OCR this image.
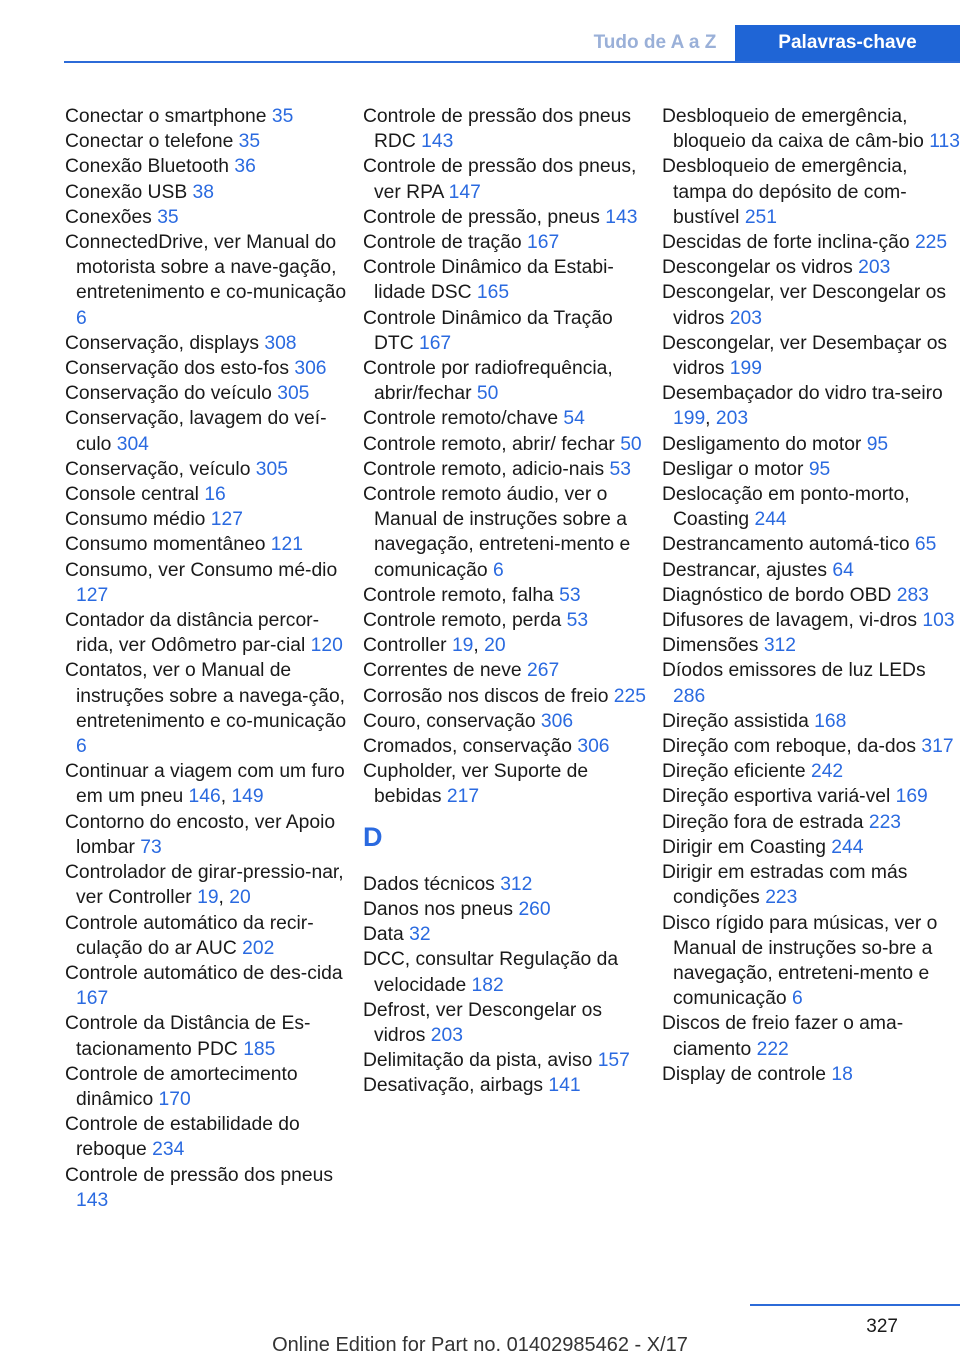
Tudo de A a Z	Palavras-chave
Conectar o smartphone 35
Conectar o telefone 35
Conexão Bluetooth 36
Conexão USB 38
Conexões 35
ConnectedDrive, ver Manual do motorista sobre a nave‐gação, entretenimento e co‐municação 6
Conservação, displays 308
Conservação dos esto‐fos 306
Conservação do veículo 305
Conservação, lavagem do veí‐culo 304
Conservação, veículo 305
Console central 16
Consumo médio 127
Consumo momentâneo 121
Consumo, ver Consumo mé‐dio 127
Contador da distância percor‐rida, ver Odômetro par‐cial 120
Contatos, ver o Manual de instruções sobre a navega‐ção, entretenimento e co‐municação 6
Continuar a viagem com um furo em um pneu 146, 149
Contorno do encosto, ver Apoio lombar 73
Controlador de girar-pressio‐nar, ver Controller 19, 20
Controle automático da recir‐culação do ar AUC 202
Controle automático de des‐cida 167
Controle da Distância de Es‐tacionamento PDC 185
Controle de amortecimento dinâmico 170
Controle de estabilidade do reboque 234
Controle de pressão dos pneus 143
Controle de pressão dos pneus RDC 143
Controle de pressão dos pneus, ver RPA 147
Controle de pressão, pneus 143
Controle de tração 167
Controle Dinâmico da Estabi‐lidade DSC 165
Controle Dinâmico da Tração DTC 167
Controle por radiofrequência, abrir/fechar 50
Controle remoto/chave 54
Controle remoto, abrir/ fechar 50
Controle remoto, adicio‐nais 53
Controle remoto áudio, ver o Manual de instruções sobre a navegação, entreteni‐mento e comunicação 6
Controle remoto, falha 53
Controle remoto, perda 53
Controller 19, 20
Correntes de neve 267
Corrosão nos discos de freio 225
Couro, conservação 306
Cromados, conservação 306
Cupholder, ver Suporte de bebidas 217
D
Dados técnicos 312
Danos nos pneus 260
Data 32
DCC, consultar Regulação da velocidade 182
Defrost, ver Descongelar os vidros 203
Delimitação da pista, aviso 157
Desativação, airbags 141
Desbloqueio de emergência, bloqueio da caixa de câm‐bio 113
Desbloqueio de emergência, tampa do depósito de com‐bustível 251
Descidas de forte inclina‐ção 225
Descongelar os vidros 203
Descongelar, ver Descongelar os vidros 203
Descongelar, ver Desembaçar os vidros 199
Desembaçador do vidro tra‐seiro 199, 203
Desligamento do motor 95
Desligar o motor 95
Deslocação em ponto-morto, Coasting 244
Destrancamento automá‐tico 65
Destrancar, ajustes 64
Diagnóstico de bordo OBD 283
Difusores de lavagem, vi‐dros 103
Dimensões 312
Díodos emissores de luz LEDs 286
Direção assistida 168
Direção com reboque, da‐dos 317
Direção eficiente 242
Direção esportiva variá‐vel 169
Direção fora de estrada 223
Dirigir em Coasting 244
Dirigir em estradas com más condições 223
Disco rígido para músicas, ver o Manual de instruções so‐bre a navegação, entreteni‐mento e comunicação 6
Discos de freio fazer o ama‐ciamento 222
Display de controle 18
327
Online Edition for Part no. 01402985462 - X/17
